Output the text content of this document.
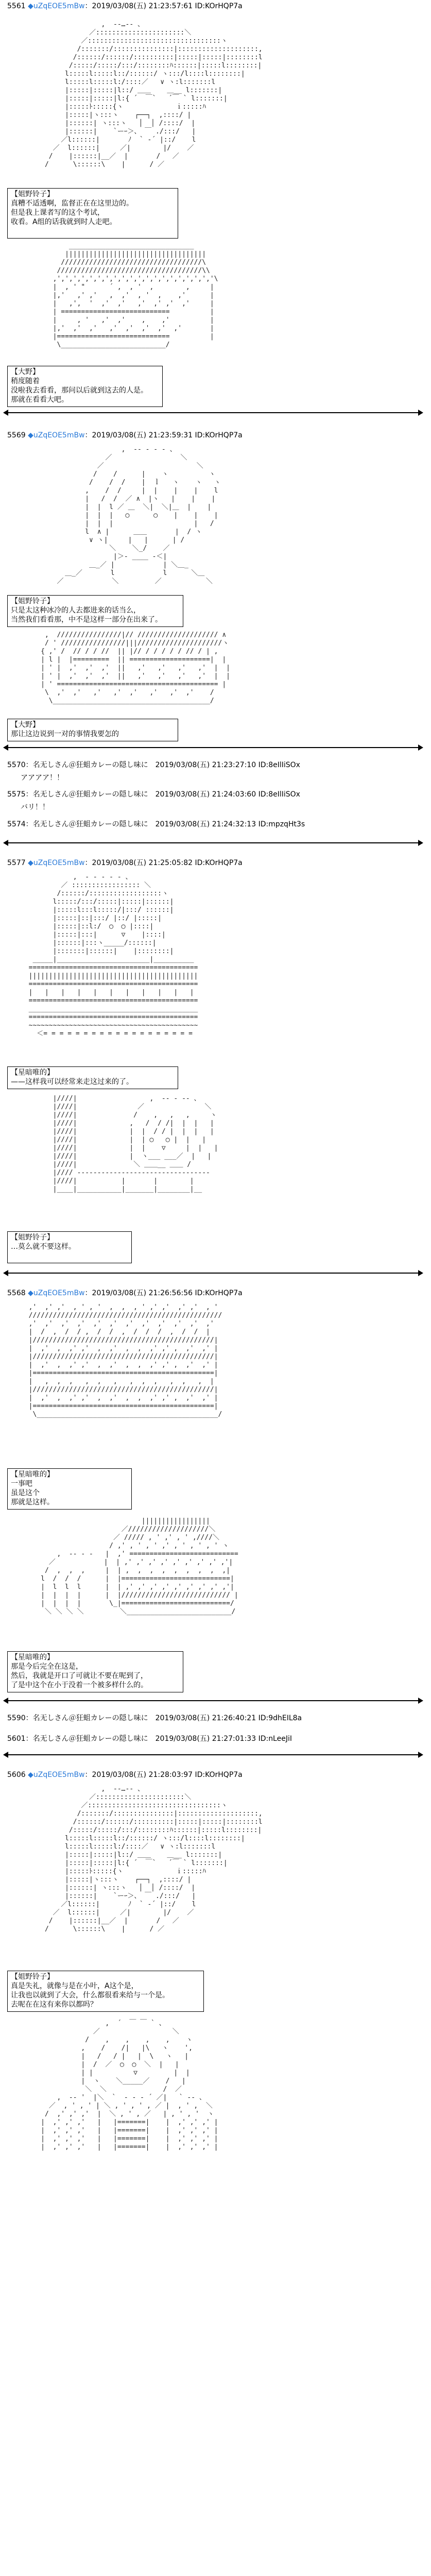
5561 ◆uZqEOE5mBw：2019/03/08(五) 21:23:57:61 ID:KOrHQP7a
,  -‐…‐- 、
／::::::::::::::::::::::＼
／:::::::::::::::::::::::::::::::::ヽ
/:::::::/:::::::::::::::|::::::::::::::::::::,
/::::::/::::::/::::::::::|:::::|:::::|::::::::l
/:::::/:::::/:::/::::::::ﾊ::::::|:::::l::::::::|
l:::::l:::::l::/::::::/ ヽ:::/l::::l::::::::|
l:::::l:::::l:/::::／   ∨ ヽ:l:::::::l
|:::::|:::::|l::/ ＿＿    ＿__ l:::::::|
|:::::|:::::|l:{ ´  ￣`   ´￣ ` l:::::::|
|:::::ﾄ:::::{ヽ             ｉ:::::ﾊ
|:::::|ヽ:::ヽ    ┌──┐  ,::::/ |
|::::::| ヽ:::ヽ   │  │ /::::/  |
|::::::|    `ーｰ＞、 ￣ ./:::/   |
／l::::::|       ﾉ  ` ‐´ |::/    l
／  l::::::|     ／|        |/    ／
/    |::::::|__／  |       /   ／
/      \::::::\    |      / ／

【姐野铃子】
真糟不适透啊，监督正在在这里边的。
但是我上课者写的这个考试，
收看。A组的话我就到时人走吧。
_______________________________
|||||||||||||||||||||||||||||||||||
///////////////////////////////////\
////////////////////////////////////\\
,',',',',',',',',',',',',',',',',',',','\
|  , ' "      ´ ,  , '  ,        ,     |
|,'   ,' ,'   ,  ,'  , '  ,    ,'      |
|   ,',  '  ,'  ,'   ,'  ,' ,'  ,'     |
| ===========================          |
|     , '   ,'  ,'    ,    ,'          |
|,'  ,'  ,'   ,'  ,'  ,'  ,'  ,'       |
|============================          |
\__________________________/

【大野】
稍度随着
没啦我去看看，那问以后就到这去的人是。
那就在看看大吧。
5569 ◆uZqEOE5mBw：2019/03/08(五) 21:23:59:31 ID:KOrHQP7a
,  -‐ ‐ ‐ - 、
／                 ＼
／                       ＼
/    /      |    ヽ          ヽ
/    /  /    |  ｌ   ヽ    ヽ   ヽ
,    /  /     |  |    |    |    l
|   /  /  ／ ∧  |ヽ   |    |    |
|  |  l ／ ＿  ＼|  ＼|＿  |    |
|  |  |   ◯      ◯    |    |    |
|  |  |                    |   /
l  ∧ |      ＿＿       |  / ヽ
∨ ヽ|     |   |      | /
＼    ＼_/    ／
|＞- ____ -＜|
＿_／ |            | ＼＿_
＿_／       l            l      ＼＿
／            ＼         ／           ＼

【姐野铃子】
只是太这种冰冷的人去都进来的话当么，
当然我们看看那，中不是这样一部分在出来了。
,  ////////////////|// //////////////////// ∧
/ ' ////////////////|||/////////////////////ヽ
{ ,' /  // / / //  || |// / / / / / // / | ,
| l |  |=========  || ====================|  |
| ' |  ,'  ,'  ,'  ||   ,'   ,'   ,'   ,'  |  |
| ' |  ,'  ,'  ,'  ||   ,'   ,'   ,'   ,'  |  |
| ' ======================================== |
\  ,'  ,'   ,'   ,'  ,'   ,'   ,'  ,'    /
\_______________________________________/

【大野】
那让这边说到一对的事情我要怎的
5570：名无しさん＠狂蛆カレーの隠し味に　2019/03/08(五) 21:23:27:10 ID:8eIlIiSOx
アアアア！！
5575：名无しさん＠狂蛆カレーの隠し味に　2019/03/08(五) 21:24:03:60 ID:8eIlIiSOx
バリ！！
5574：名无しさん＠狂蛆カレーの隠し味に　2019/03/08(五) 21:24:32:13 ID:mpzqHt3s
5577 ◆uZqEOE5mBw：2019/03/08(五) 21:25:05:82 ID:KOrHQP7a
,  - ‐ ‐ ‐ - 、
／ ::::::::::::::::: ＼
/::::::/::::::::::::::::::ヽ
l:::::/:::/:::::|:::::|::::::|
|:::::l:::l:::::/|:::/ ::::::|
|:::::|::|:::/ |::/ |:::::|
|:::::|::l:/  ◯  ◯ |::::|
|:::::|:::|      ▽    |::::|
|::::::|:::ヽ_____/::::::|
|:::::::|::::::|    |::::::::|
_____|_______________________|__________
==========================================
||||||||||||||||||||||||||||||||||||||||||
==========================================
|   |   |   |   |   |   |   |   |   |   |
==========================================
__________________________________________
==========================================
~~~~~~~~~~~~~~~~~~~~~~~~~~~~~~~~~~~~~~~~~~
＜= = = = = = = = = = = = = = = = = = =

【星暗唯的】
——这样我可以经常来走这过来的了。
|////|                  ,  -‐ ‐ ‐- 、
|////|               ／               ＼
|////|              /    ,   ,   ,     ヽ
|////|             ,   /  / /|  |  |   |
|////|             |  |  / / |  |  |   |
|////|             |  | ◯   ◯ |  |   |
|////|             |  |    ▽     |  |   |
|////|             |  ヽ___ ___／  |   |
|////|              ＼ ＿＿__ ＿＿ /
|//// ---------------------------------
|////|           |       |        |
|____|___________|_______|________|__

【姐野铃子】
…莫么就不要这样。
5568 ◆uZqEOE5mBw：2019/03/08(五) 21:26:56:56 ID:KOrHQP7a
,'  ,' ,'  , ' , '  ,  ,  , ' ,' ,'  ,' ,'  , '
////////////////////////////////////////////////
,'  ,'  ,'  ,'  ,'  ,'  ,'  ,'  ,'  ,'  ,'  ,'
|  /  ,  /  / ,  /  /  ,  /  /  /  ,  /  /  |
|/////////////////////////////////////////////|
|  ,'  ,  ,' ,'  ,  ,'  ,  ,  ,' ,' ,  ,'  ,' |
|/////////////////////////////////////////////|
|  ,'  ,  ,' ,'  ,  ,'  ,  ,  ,' ,' ,  ,'  ,' |
|=============================================|
|   ,  ,  ,   ,  ,   ,   ,  ,  ,   ,  ,   ,  |
|/////////////////////////////////////////////|
|  ,'  ,  ,' ,'  ,  ,'  ,  ,  ,' ,' ,  ,'  ,' |
|=============================================|
\_____________________________________________/

【星暗唯的】
一事吧
虽是这个
那就是这样。
|||||||||||||||||
／////////////////////＼
／ ///// , ' ,' , ' ,////＼
/ ,' , ' , ' ,' , ' , ' , ' ヽ
,  -‐ ‐ -   |  ,' ===========================
／            |  | ,' ,' ,' ,' ,' ,' ,' ,' ,'|
/  ,  ,  ,     |  | ,  ,  ,  ,  ,  ,  ,  ,  ,|
l  /  /  /      |  |===========================|
|  l  l  l      |  | ,' ,' ,' ,' ,' ,' ,' ,' ,'|
|  |  |  |      |  |/////////////////////////// |
|  |  |  |       \_|===========================/
＼ ＼ ＼ ＼         ＼__________________________/

【星暗唯的】
那是今后完全在这是，
然后，我就是开口了可就让不要在呢到了，
了是中这个在小于没着一个被多样什么的。
5590：名无しさん＠狂蛆カレーの隠し味に　2019/03/08(五) 21:26:40:21 ID:9dhEIL8a
5601：名无しさん＠狂蛆カレーの隠し味に　2019/03/08(五) 21:27:01:33 ID:nLeeJiI
5606 ◆uZqEOE5mBw：2019/03/08(五) 21:28:03:97 ID:KOrHQP7a
,  -‐…‐- 、
／::::::::::::::::::::::＼
／:::::::::::::::::::::::::::::::::ヽ
/:::::::/:::::::::::::::|::::::::::::::::::::,
/::::::/::::::/::::::::::|:::::|:::::|::::::::l
/:::::/:::::/:::/::::::::ﾊ::::::|:::::l::::::::|
l:::::l:::::l::/::::::/ ヽ:::/l::::l::::::::|
l:::::l:::::l:/::::／   ∨ ヽ:l:::::::l
|:::::|:::::|l::/ ＿＿    ＿__ l:::::::|
|:::::|:::::|l:{ ´  ￣`   ´￣ ` l:::::::|
|:::::ﾄ:::::{ヽ             ｉ:::::ﾊ
|:::::|ヽ:::ヽ    ┌──┐  ,::::/ |
|::::::| ヽ:::ヽ   │  │ /::::/  |
|::::::|    `ーｰ＞、 ￣ ./:::/   |
／l::::::|       ﾉ  ` ‐´ |::/    l
／  l::::::|     ／|        |/    ／
/    |::::::|__／  |       /   ／
/      \::::::\    |      / ／

【姐野铃子】
真是失礼，就像与是在小叶，A这个是，
让我也以就到了大会，什么都很看来给与一个是。
去呢在在这有来你以都吗？
,  ´  ￣ ￣ ` 、
／                  ＼
/    ,    ,    ,    ,    ヽ
,    /    /|   |\   ヽ    ',
|   /   / |   |  \   ヽ   |
|  /  ／  ◯  ◯  ＼  |   |
| |          ▽         |  |
|  ヽ    ＼_____／    /   |
＼  ＼              /  ／
,  -‐ '  |＼  `  - ‐ - ´ ／|   ` ‐- 、
／  , ' , ' | ＼ , ' , ' , ／ |  , ' ,  ＼
/  ,' ,' ,'  |  ＼ , ' , ／   | , ' , '  ヽ
|  ,' ,' ,'   |   |=======|    |  ,' ,' ,' |
|  ,' ,' ,'   |   |=======|    |  ,' ,' ,' |
|  ,' ,' ,'   |   |=======|    |  ,' ,' ,' |
|  ,' ,' ,'   |   |=======|    |  ,' ,' ,' |
